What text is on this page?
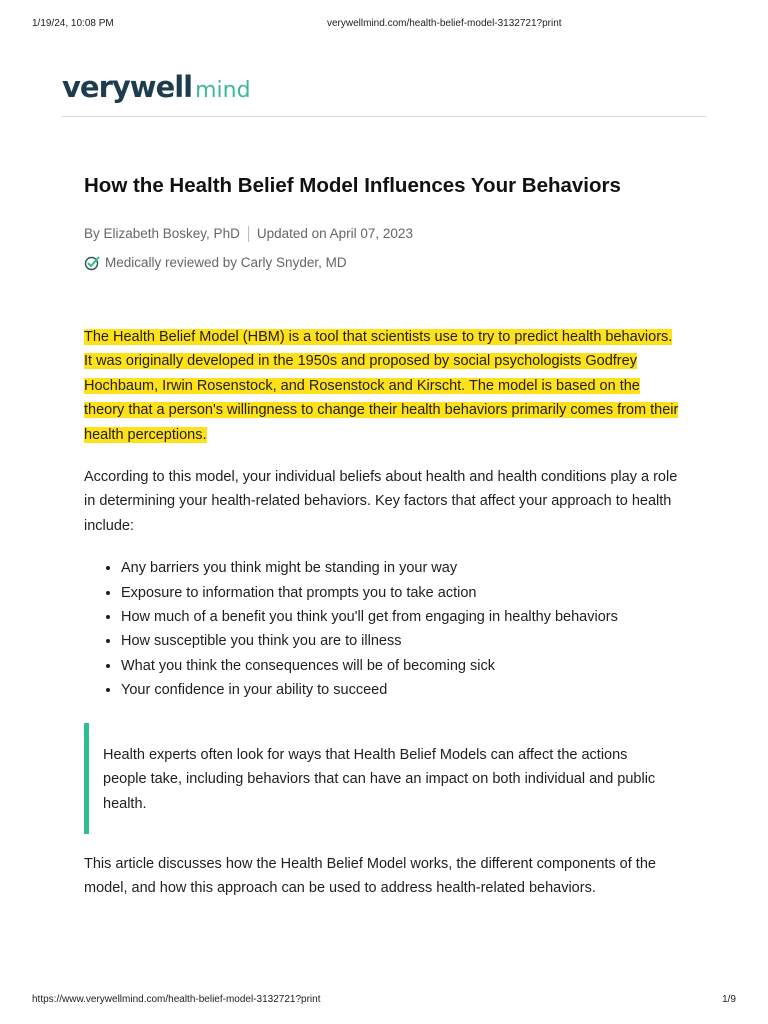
1/19/24, 10:08 PM	verywellmind.com/health-belief-model-3132721?print
verywell mind
How the Health Belief Model Influences Your Behaviors
By Elizabeth Boskey, PhD Updated on April 07, 2023
Medically reviewed by Carly Snyder, MD

The Health Belief Model (HBM) is a tool that scientists use to try to predict health behaviors. It was originally developed in the 1950s and proposed by social psychologists Godfrey Hochbaum, Irwin Rosenstock, and Rosenstock and Kirscht. The model is based on the theory that a person's willingness to change their health behaviors primarily comes from their health perceptions.

According to this model, your individual beliefs about health and health conditions play a role in determining your health-related behaviors. Key factors that affect your approach to health include:

• Any barriers you think might be standing in your way
• Exposure to information that prompts you to take action
• How much of a benefit you think you'll get from engaging in healthy behaviors
• How susceptible you think you are to illness
• What you think the consequences will be of becoming sick
• Your confidence in your ability to succeed

Health experts often look for ways that Health Belief Models can affect the actions people take, including behaviors that can have an impact on both individual and public health.

This article discusses how the Health Belief Model works, the different components of the model, and how this approach can be used to address health-related behaviors.

https://www.verywellmind.com/health-belief-model-3132721?print	1/9
